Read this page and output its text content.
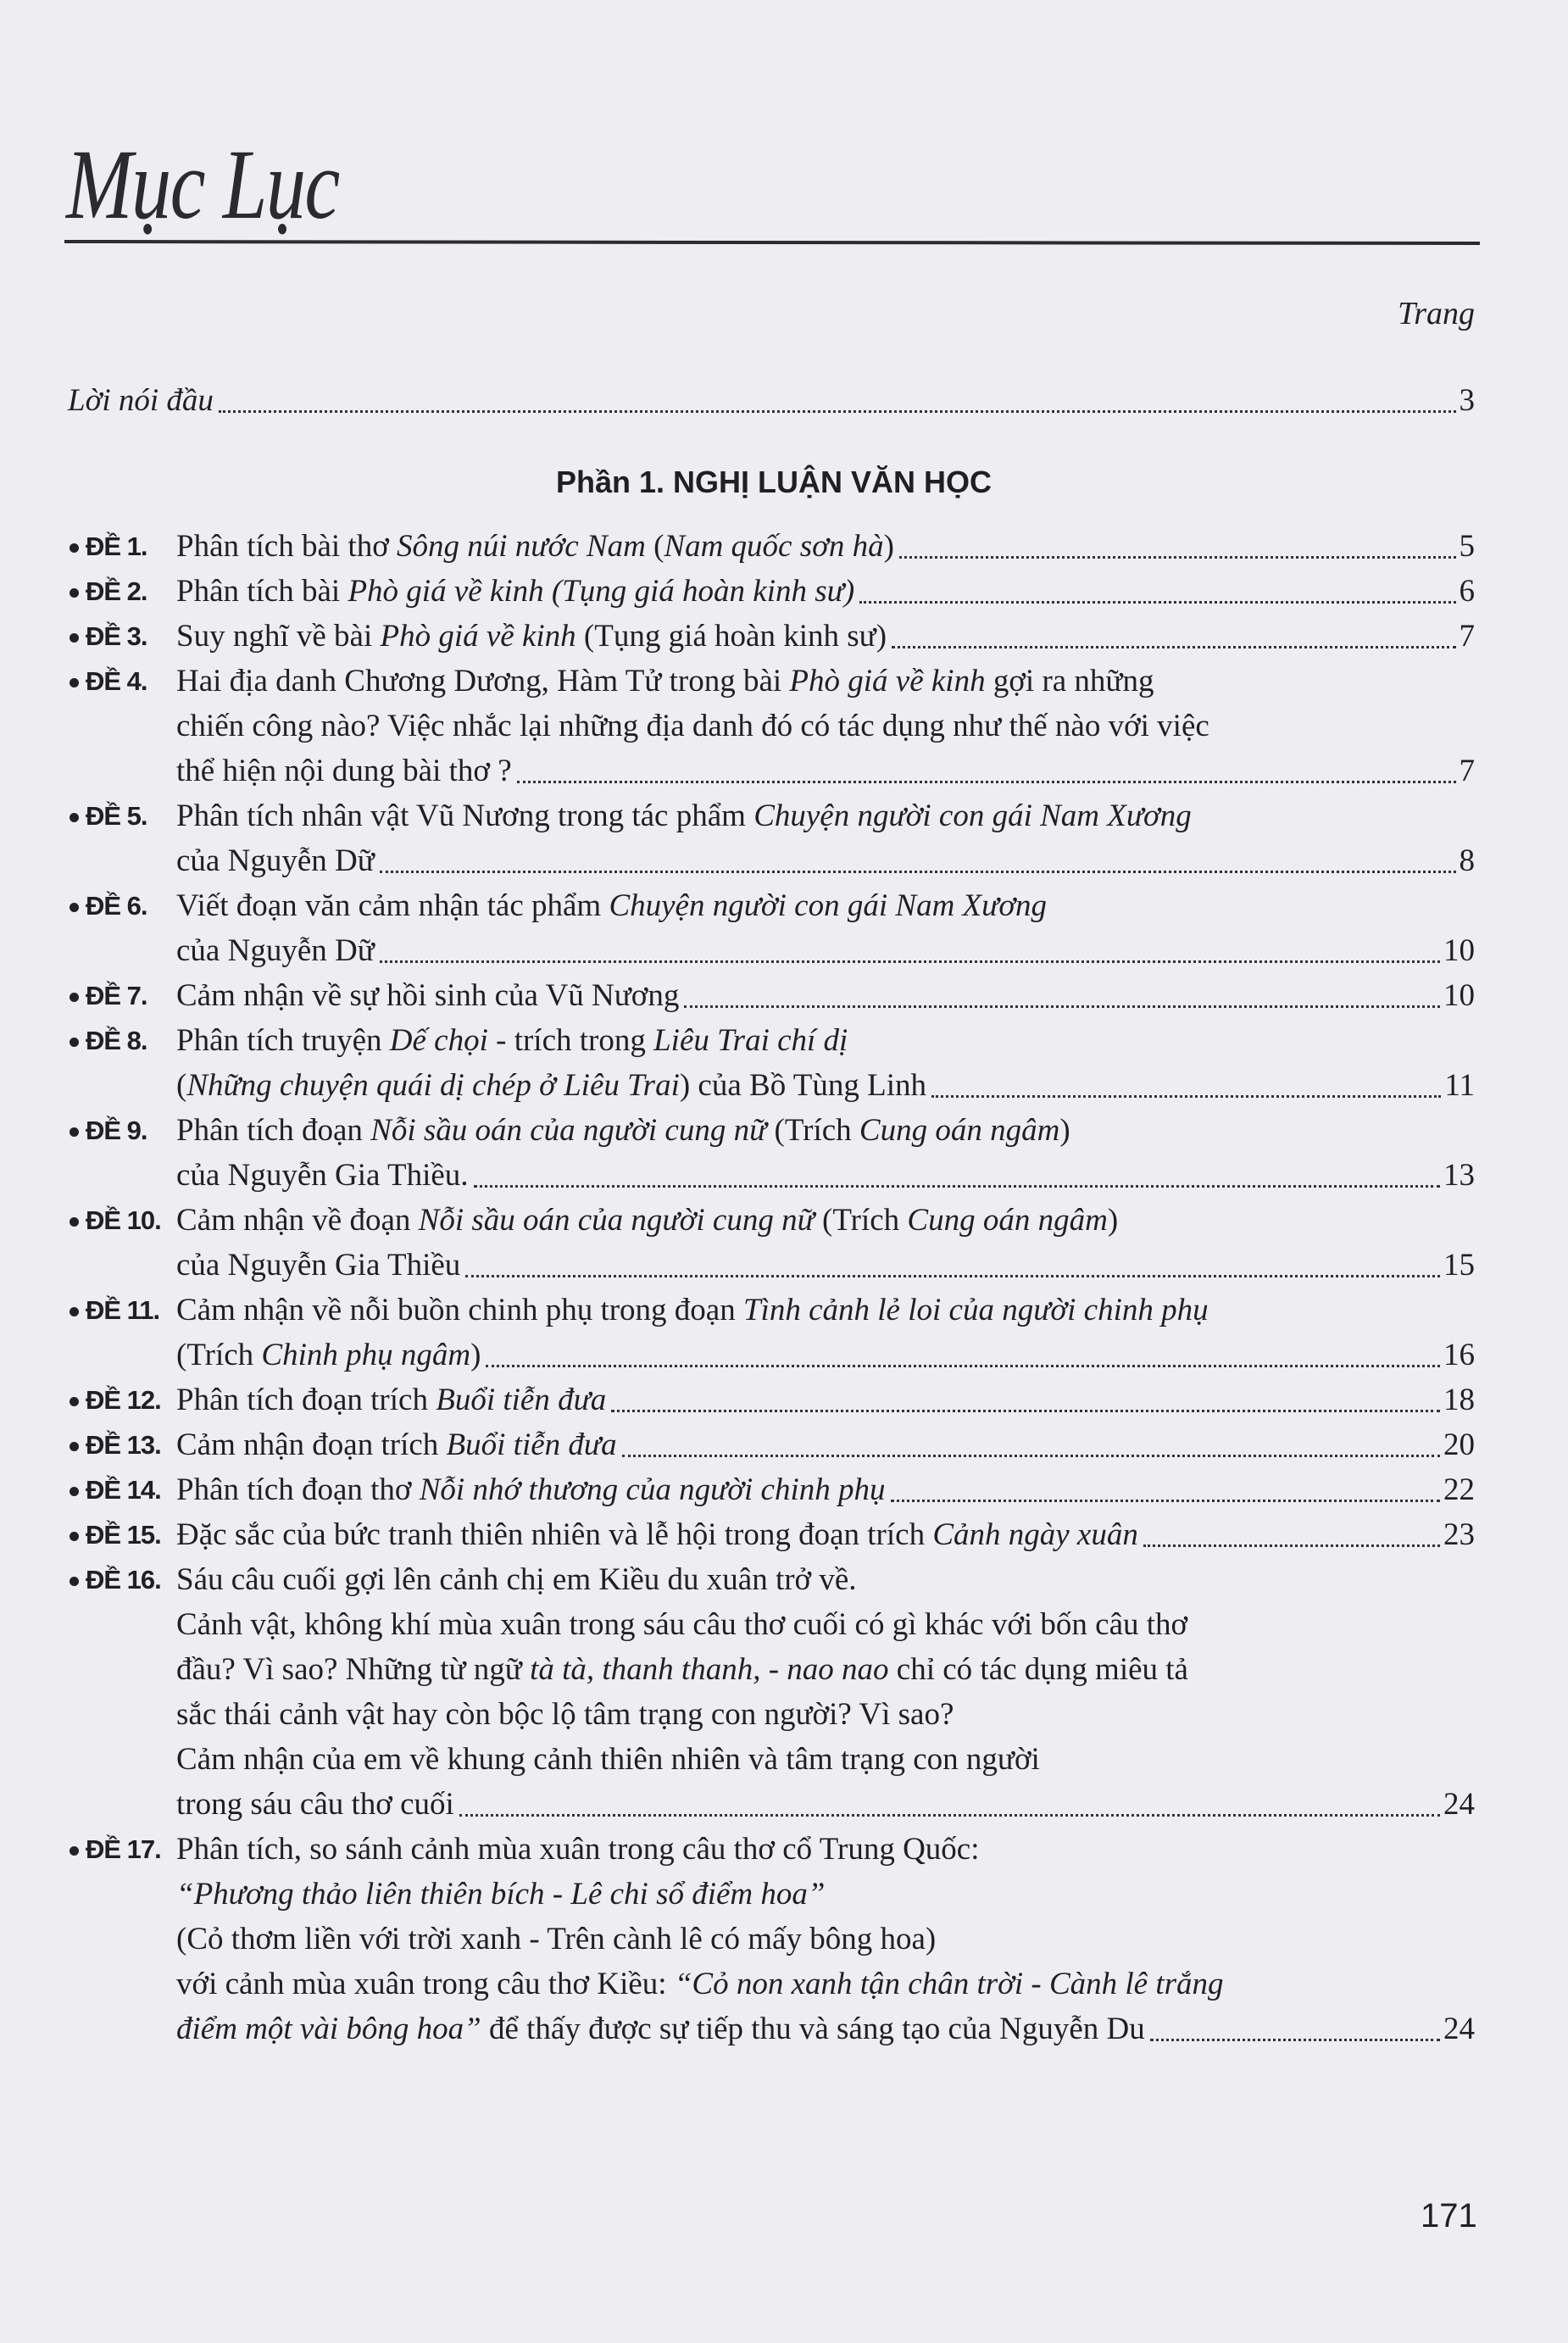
Mục Lục
Trang
Lời nói đầu	3
Phần 1. NGHỊ LUẬN VĂN HỌC
ĐỀ 1. Phân tích bài thơ Sông núi nước Nam ( Nam quốc sơn hà )	5
ĐỀ 2. Phân tích bài Phò giá về kinh (Tụng giá hoàn kinh sư)	6
ĐỀ 3. Suy nghĩ về bài Phò giá về kinh (Tụng giá hoàn kinh sư)	7
ĐỀ 4. Hai địa danh Chương Dương, Hàm Tử trong bài Phò giá về kinh gợi ra những
chiến công nào? Việc nhắc lại những địa danh đó có tác dụng như thế nào với việc
thể hiện nội dung bài thơ ?	7
ĐỀ 5. Phân tích nhân vật Vũ Nương trong tác phẩm Chuyện người con gái Nam Xương
của Nguyễn Dữ	8
ĐỀ 6. Viết đoạn văn cảm nhận tác phẩm Chuyện người con gái Nam Xương
của Nguyễn Dữ	10
ĐỀ 7. Cảm nhận về sự hồi sinh của Vũ Nương	10
ĐỀ 8. Phân tích truyện Dế chọi - trích trong Liêu Trai chí dị
( Những chuyện quái dị chép ở Liêu Trai ) của Bồ Tùng Linh	11
ĐỀ 9. Phân tích đoạn Nỗi sầu oán của người cung nữ (Trích Cung oán ngâm )
của Nguyễn Gia Thiều.	13
ĐỀ 10. Cảm nhận về đoạn Nỗi sầu oán của người cung nữ (Trích Cung oán ngâm )
của Nguyễn Gia Thiều	15
ĐỀ 11. Cảm nhận về nỗi buồn chinh phụ trong đoạn Tình cảnh lẻ loi của người chinh phụ
(Trích Chinh phụ ngâm )	16
ĐỀ 12. Phân tích đoạn trích Buổi tiễn đưa	18
ĐỀ 13. Cảm nhận đoạn trích Buổi tiễn đưa	20
ĐỀ 14. Phân tích đoạn thơ Nỗi nhớ thương của người chinh phụ	22
ĐỀ 15. Đặc sắc của bức tranh thiên nhiên và lễ hội trong đoạn trích Cảnh ngày xuân	23
ĐỀ 16. Sáu câu cuối gợi lên cảnh chị em Kiều du xuân trở về.
Cảnh vật, không khí mùa xuân trong sáu câu thơ cuối có gì khác với bốn câu thơ
đầu? Vì sao? Những từ ngữ tà tà, thanh thanh, - nao nao chỉ có tác dụng miêu tả
sắc thái cảnh vật hay còn bộc lộ tâm trạng con người? Vì sao?
Cảm nhận của em về khung cảnh thiên nhiên và tâm trạng con người
trong sáu câu thơ cuối	24
ĐỀ 17. Phân tích, so sánh cảnh mùa xuân trong câu thơ cổ Trung Quốc:
“Phương thảo liên thiên bích - Lê chi sổ điểm hoa”
(Cỏ thơm liền với trời xanh - Trên cành lê có mấy bông hoa)
với cảnh mùa xuân trong câu thơ Kiều: “Cỏ non xanh tận chân trời - Cành lê trắng
điểm một vài bông hoa” để thấy được sự tiếp thu và sáng tạo của Nguyễn Du	24
171
